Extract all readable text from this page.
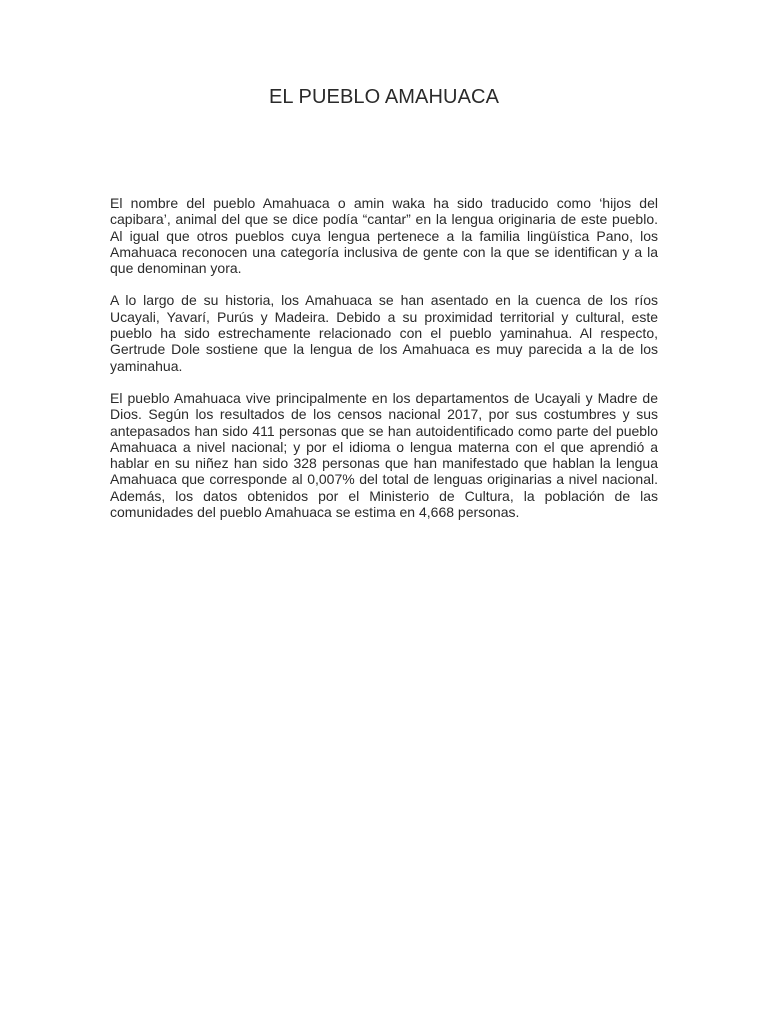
EL PUEBLO AMAHUACA

El nombre del pueblo Amahuaca o amin waka ha sido traducido como ‘hijos del capibara’, animal del que se dice podía “cantar” en la lengua originaria de este pueblo. Al igual que otros pueblos cuya lengua pertenece a la familia lingüística Pano, los Amahuaca reconocen una categoría inclusiva de gente con la que se identifican y a la que denominan yora.

A lo largo de su historia, los Amahuaca se han asentado en la cuenca de los ríos Ucayali, Yavarí, Purús y Madeira. Debido a su proximidad territorial y cultural, este pueblo ha sido estrechamente relacionado con el pueblo yaminahua. Al respecto, Gertrude Dole sostiene que la lengua de los Amahuaca es muy parecida a la de los yaminahua.

El pueblo Amahuaca vive principalmente en los departamentos de Ucayali y Madre de Dios. Según los resultados de los censos nacional 2017, por sus costumbres y sus antepasados han sido 411 personas que se han autoidentificado como parte del pueblo Amahuaca a nivel nacional; y por el idioma o lengua materna con el que aprendió a hablar en su niñez han sido 328 personas que han manifestado que hablan la lengua Amahuaca que corresponde al 0,007% del total de lenguas originarias a nivel nacional. Además, los datos obtenidos por el Ministerio de Cultura, la población de las comunidades del pueblo Amahuaca se estima en 4,668 personas.
